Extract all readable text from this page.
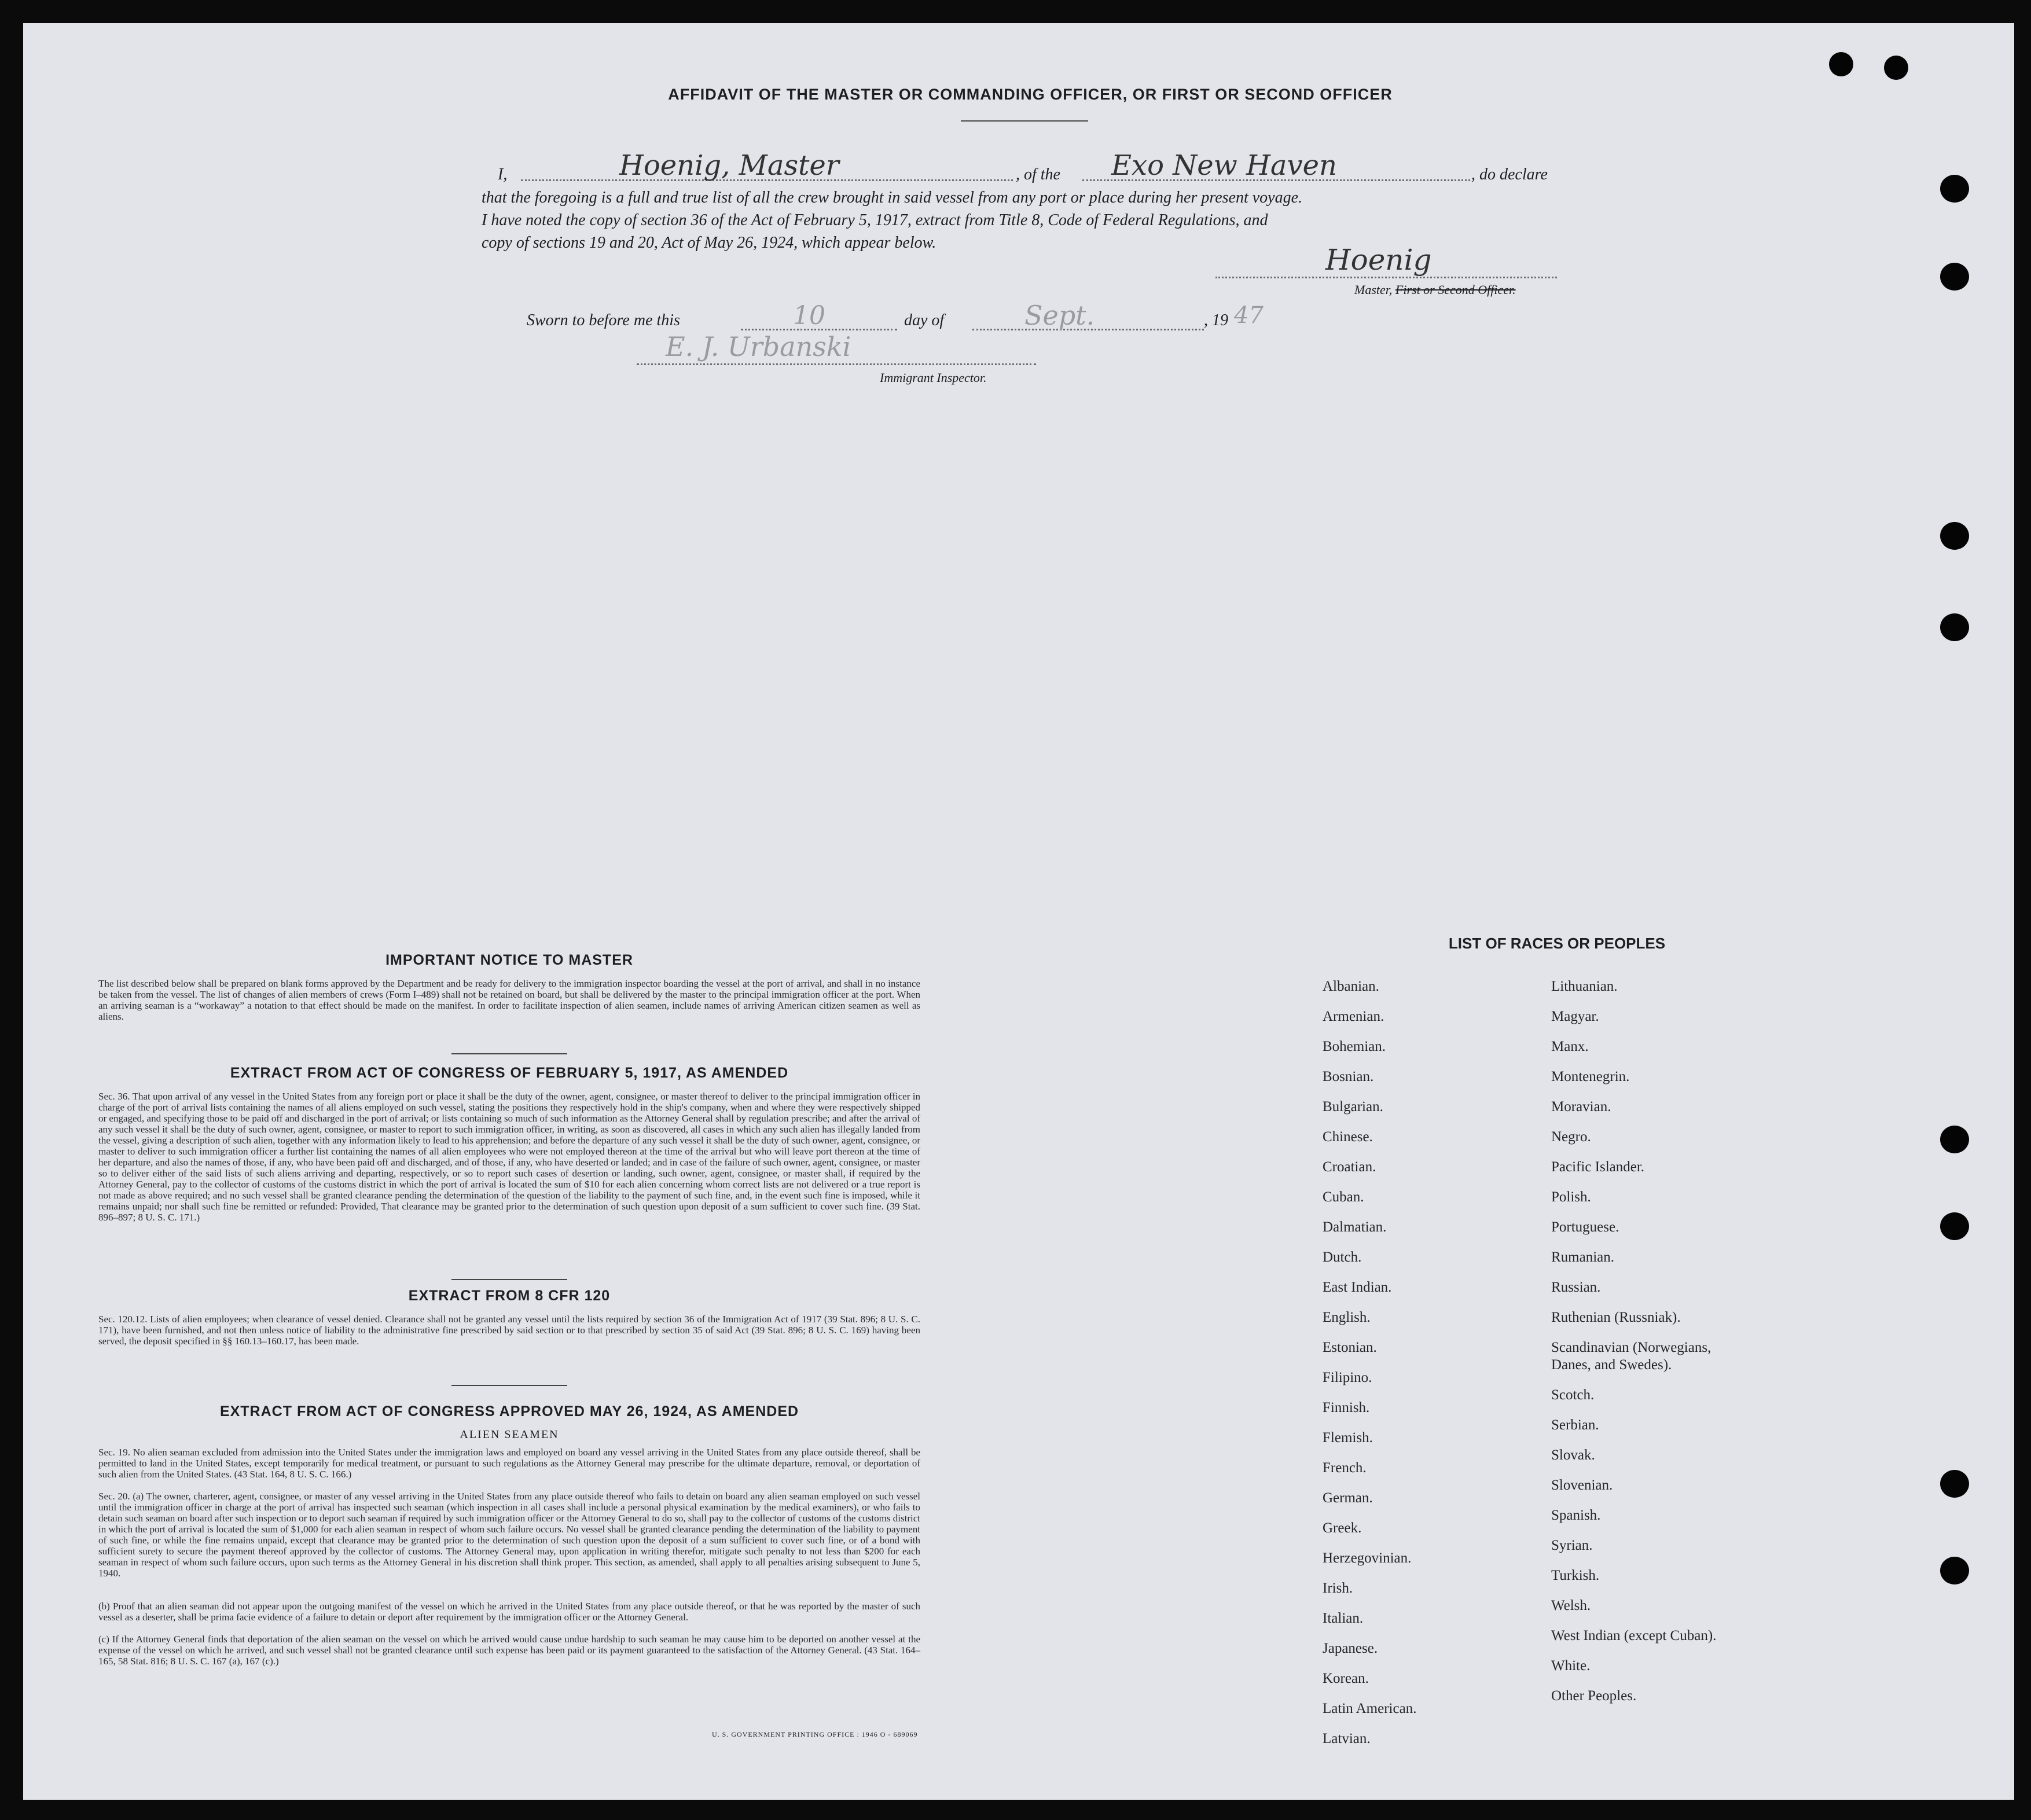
AFFIDAVIT OF THE MASTER OR COMMANDING OFFICER, OR FIRST OR SECOND OFFICER
I,	Hoenig, Master	, of the Exo New Haven	, do declare
that the foregoing is a full and true list of all the crew brought in said vessel from any port or place during her present voyage.
I have noted the copy of section 36 of the Act of February 5, 1917, extract from Title 8, Code of Federal Regulations, and
copy of sections 19 and 20, Act of May 26, 1924, which appear below.
Hoenig
Master, First or Second Officer.
Sworn to before me this	10	day of	Sept.	, 19 47
E. J. Urbanski
Immigrant Inspector.
IMPORTANT NOTICE TO MASTER
The list described below shall be prepared on blank forms approved by the Department and be ready for delivery to the immigration inspector boarding the vessel at the port of arrival, and shall in no instance be taken from the vessel. The list of changes of alien members of crews (Form I–489) shall not be retained on board, but shall be delivered by the master to the principal immigration officer at the port. When an arriving seaman is a “workaway” a notation to that effect should be made on the manifest. In order to facilitate inspection of alien seamen, include names of arriving American citizen seamen as well as aliens.
EXTRACT FROM ACT OF CONGRESS OF FEBRUARY 5, 1917, AS AMENDED
Sec. 36. That upon arrival of any vessel in the United States from any foreign port or place it shall be the duty of the owner, agent, consignee, or master thereof to deliver to the principal immigration officer in charge of the port of arrival lists containing the names of all aliens employed on such vessel, stating the positions they respectively hold in the ship's company, when and where they were respectively shipped or engaged, and specifying those to be paid off and discharged in the port of arrival; or lists containing so much of such information as the Attorney General shall by regulation prescribe; and after the arrival of any such vessel it shall be the duty of such owner, agent, consignee, or master to report to such immigration officer, in writing, as soon as discovered, all cases in which any such alien has illegally landed from the vessel, giving a description of such alien, together with any information likely to lead to his apprehension; and before the departure of any such vessel it shall be the duty of such owner, agent, consignee, or master to deliver to such immigration officer a further list containing the names of all alien employees who were not employed thereon at the time of the arrival but who will leave port thereon at the time of her departure, and also the names of those, if any, who have been paid off and discharged, and of those, if any, who have deserted or landed; and in case of the failure of such owner, agent, consignee, or master so to deliver either of the said lists of such aliens arriving and departing, respectively, or so to report such cases of desertion or landing, such owner, agent, consignee, or master shall, if required by the Attorney General, pay to the collector of customs of the customs district in which the port of arrival is located the sum of $10 for each alien concerning whom correct lists are not delivered or a true report is not made as above required; and no such vessel shall be granted clearance pending the determination of the question of the liability to the payment of such fine, and, in the event such fine is imposed, while it remains unpaid; nor shall such fine be remitted or refunded: Provided, That clearance may be granted prior to the determination of such question upon deposit of a sum sufficient to cover such fine. (39 Stat. 896–897; 8 U. S. C. 171.)
EXTRACT FROM 8 CFR 120
Sec. 120.12. Lists of alien employees; when clearance of vessel denied. Clearance shall not be granted any vessel until the lists required by section 36 of the Immigration Act of 1917 (39 Stat. 896; 8 U. S. C. 171), have been furnished, and not then unless notice of liability to the administrative fine prescribed by said section or to that prescribed by section 35 of said Act (39 Stat. 896; 8 U. S. C. 169) having been served, the deposit specified in §§ 160.13–160.17, has been made.
EXTRACT FROM ACT OF CONGRESS APPROVED MAY 26, 1924, AS AMENDED
ALIEN SEAMEN
Sec. 19. No alien seaman excluded from admission into the United States under the immigration laws and employed on board any vessel arriving in the United States from any place outside thereof, shall be permitted to land in the United States, except temporarily for medical treatment, or pursuant to such regulations as the Attorney General may prescribe for the ultimate departure, removal, or deportation of such alien from the United States. (43 Stat. 164, 8 U. S. C. 166.)
Sec. 20. (a) The owner, charterer, agent, consignee, or master of any vessel arriving in the United States from any place outside thereof who fails to detain on board any alien seaman employed on such vessel until the immigration officer in charge at the port of arrival has inspected such seaman (which inspection in all cases shall include a personal physical examination by the medical examiners), or who fails to detain such seaman on board after such inspection or to deport such seaman if required by such immigration officer or the Attorney General to do so, shall pay to the collector of customs of the customs district in which the port of arrival is located the sum of $1,000 for each alien seaman in respect of whom such failure occurs. No vessel shall be granted clearance pending the determination of the liability to payment of such fine, or while the fine remains unpaid, except that clearance may be granted prior to the determination of such question upon the deposit of a sum sufficient to cover such fine, or of a bond with sufficient surety to secure the payment thereof approved by the collector of customs. The Attorney General may, upon application in writing therefor, mitigate such penalty to not less than $200 for each seaman in respect of whom such failure occurs, upon such terms as the Attorney General in his discretion shall think proper. This section, as amended, shall apply to all penalties arising subsequent to June 5, 1940.
(b) Proof that an alien seaman did not appear upon the outgoing manifest of the vessel on which he arrived in the United States from any place outside thereof, or that he was reported by the master of such vessel as a deserter, shall be prima facie evidence of a failure to detain or deport after requirement by the immigration officer or the Attorney General.
(c) If the Attorney General finds that deportation of the alien seaman on the vessel on which he arrived would cause undue hardship to such seaman he may cause him to be deported on another vessel at the expense of the vessel on which he arrived, and such vessel shall not be granted clearance until such expense has been paid or its payment guaranteed to the satisfaction of the Attorney General. (43 Stat. 164–165, 58 Stat. 816; 8 U. S. C. 167 (a), 167 (c).)
U. S. GOVERNMENT PRINTING OFFICE : 1946 O - 689069
LIST OF RACES OR PEOPLES
Albanian.
Armenian.
Bohemian.
Bosnian.
Bulgarian.
Chinese.
Croatian.
Cuban.
Dalmatian.
Dutch.
East Indian.
English.
Estonian.
Filipino.
Finnish.
Flemish.
French.
German.
Greek.
Herzegovinian.
Irish.
Italian.
Japanese.
Korean.
Latin American.
Latvian.
Lithuanian.
Magyar.
Manx.
Montenegrin.
Moravian.
Negro.
Pacific Islander.
Polish.
Portuguese.
Rumanian.
Russian.
Ruthenian (Russniak).
Scandinavian (Norwegians,
Danes, and Swedes).
Scotch.
Serbian.
Slovak.
Slovenian.
Spanish.
Syrian.
Turkish.
Welsh.
West Indian (except Cuban).
White.
Other Peoples.
